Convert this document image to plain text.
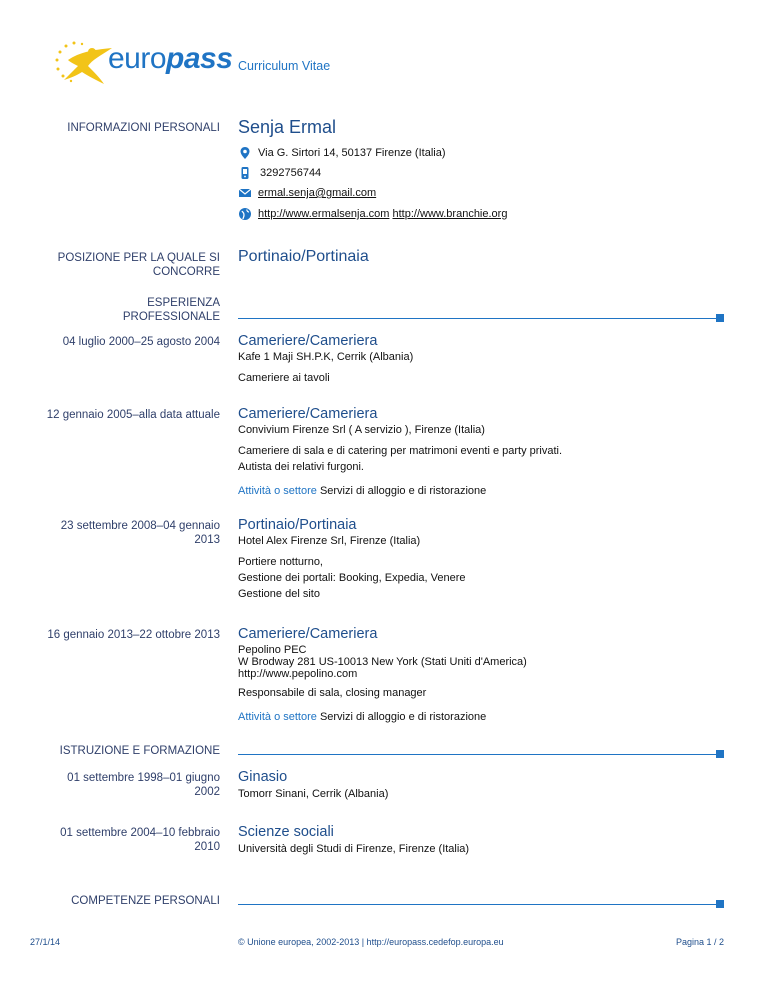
europass Curriculum Vitae
INFORMAZIONI PERSONALI Senja Ermal
Via G. Sirtori 14, 50137 Firenze (Italia)
3292756744
ermal.senja@gmail.com
http://www.ermalsenja.com http://www.branchie.org
POSIZIONE PER LA QUALE SI
CONCORRE
Portinaio/Portinaia
ESPERIENZA
PROFESSIONALE
04 luglio 2000–25 agosto 2004 Cameriere/Cameriera
Kafe 1 Maji SH.P.K, Cerrik (Albania)
Cameriere ai tavoli
12 gennaio 2005–alla data attuale Cameriere/Cameriera
Convivium Firenze Srl ( A servizio ), Firenze (Italia)
Cameriere di sala e di catering per matrimoni eventi e party privati.
Autista dei relativi furgoni.
Attività o settore Servizi di alloggio e di ristorazione
23 settembre 2008–04 gennaio
2013
Portinaio/Portinaia
Hotel Alex Firenze Srl, Firenze (Italia)
Portiere notturno,
Gestione dei portali: Booking, Expedia, Venere
Gestione del sito
16 gennaio 2013–22 ottobre 2013 Cameriere/Cameriera
Pepolino PEC
W Brodway 281 US-10013 New York (Stati Uniti d'America)
http://www.pepolino.com
Responsabile di sala, closing manager
Attività o settore Servizi di alloggio e di ristorazione
ISTRUZIONE E FORMAZIONE
01 settembre 1998–01 giugno
2002
Ginasio
Tomorr Sinani, Cerrik (Albania)
01 settembre 2004–10 febbraio
2010
Scienze sociali
Università degli Studi di Firenze, Firenze (Italia)
COMPETENZE PERSONALI
27/1/14	© Unione europea, 2002-2013 | http://europass.cedefop.europa.eu	Pagina 1 / 2
